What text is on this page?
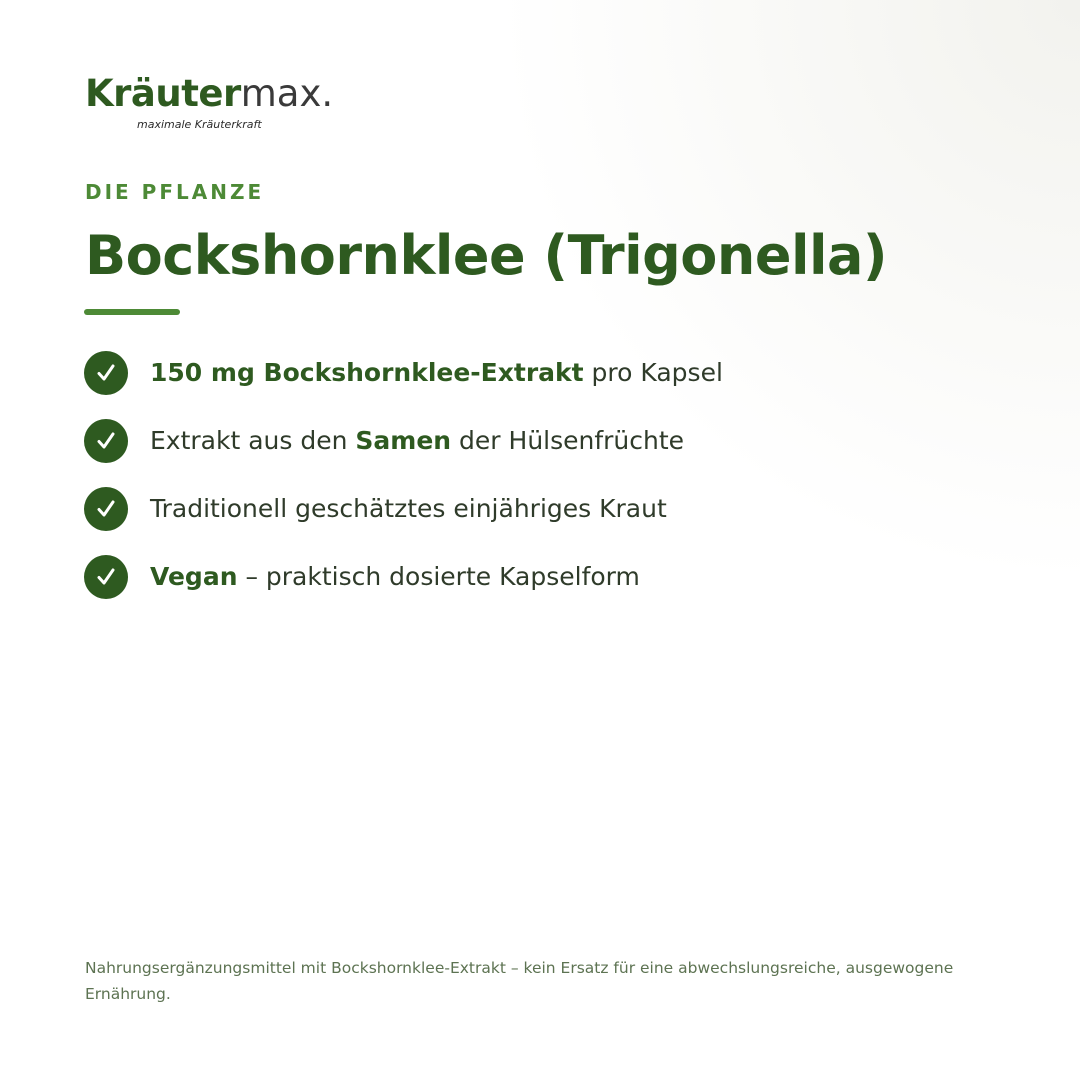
Kräutermax.
maximale Kräuterkraft
DIE PFLANZE
Bockshornklee (Trigonella)
150 mg Bockshornklee-Extrakt pro Kapsel
Extrakt aus den Samen der Hülsenfrüchte
Traditionell geschätztes einjähriges Kraut
Vegan – praktisch dosierte Kapselform

Nahrungsergänzungsmittel mit Bockshornklee-Extrakt – kein Ersatz für eine abwechslungsreiche, ausgewogene Ernährung.
